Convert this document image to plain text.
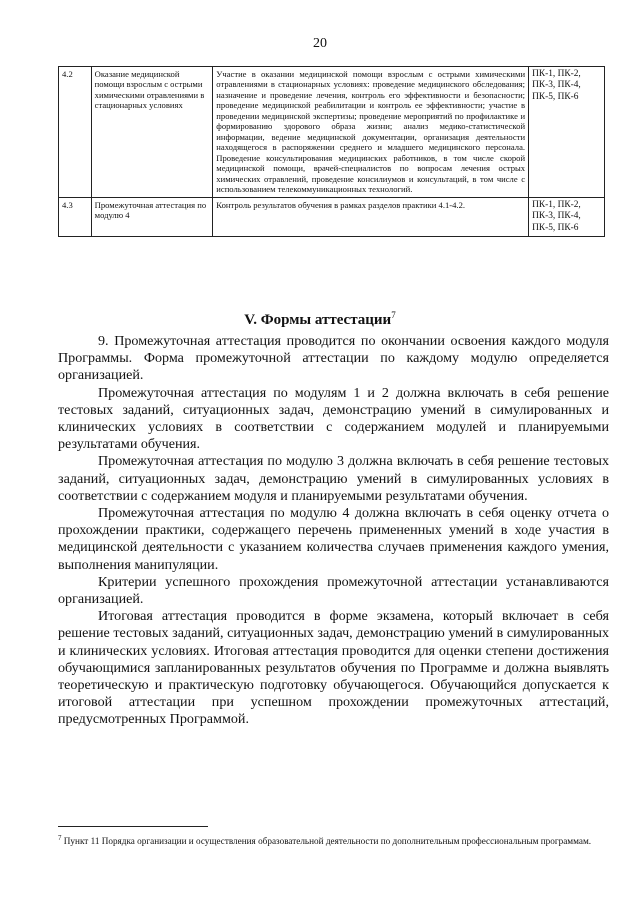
20
4.2	Оказание медицинской помощи взрослым с острыми химическими отравлениями в стационарных условиях	Участие в оказании медицинской помощи взрослым с острыми химическими отравлениями в стационарных условиях: проведение медицинского обследования; назначение и проведение лечения, контроль его эффективности и безопасности; проведение медицинской реабилитации и контроль ее эффективности; участие в проведении медицинской экспертизы; проведение мероприятий по профилактике и формированию здорового образа жизни; анализ медико-статистической информации, ведение медицинской документации, организация деятельности находящегося в распоряжении среднего и младшего медицинского персонала. Проведение консультирования медицинских работников, в том числе скорой медицинской помощи, врачей-специалистов по вопросам лечения острых химических отравлений, проведение консилиумов и консультаций, в том числе с использованием телекоммуникационных технологий.	ПК-1, ПК-2, ПК-3, ПК-4, ПК-5, ПК-6
4.3	Промежуточная аттестация по модулю 4	Контроль результатов обучения в рамках разделов практики 4.1-4.2.	ПК-1, ПК-2, ПК-3, ПК-4, ПК-5, ПК-6
V. Формы аттестации$^7$

9. Промежуточная аттестация проводится по окончании освоения каждого модуля Программы. Форма промежуточной аттестации по каждому модулю определяется организацией.

Промежуточная аттестация по модулям 1 и 2 должна включать в себя решение тестовых заданий, ситуационных задач, демонстрацию умений в симулированных и клинических условиях в соответствии с содержанием модулей и планируемыми результатами обучения.

Промежуточная аттестация по модулю 3 должна включать в себя решение тестовых заданий, ситуационных задач, демонстрацию умений в симулированных условиях в соответствии с содержанием модуля и планируемыми результатами обучения.

Промежуточная аттестация по модулю 4 должна включать в себя оценку отчета о прохождении практики, содержащего перечень примененных умений в ходе участия в медицинской деятельности с указанием количества случаев применения каждого умения, выполнения манипуляции.

Критерии успешного прохождения промежуточной аттестации устанавливаются организацией.

Итоговая аттестация проводится в форме экзамена, который включает в себя решение тестовых заданий, ситуационных задач, демонстрацию умений в симулированных и клинических условиях. Итоговая аттестация проводится для оценки степени достижения обучающимися запланированных результатов обучения по Программе и должна выявлять теоретическую и практическую подготовку обучающегося. Обучающийся допускается к итоговой аттестации при успешном прохождении промежуточных аттестаций, предусмотренных Программой.

$^7$ Пункт 11 Порядка организации и осуществления образовательной деятельности по дополнительным профессиональным программам.
